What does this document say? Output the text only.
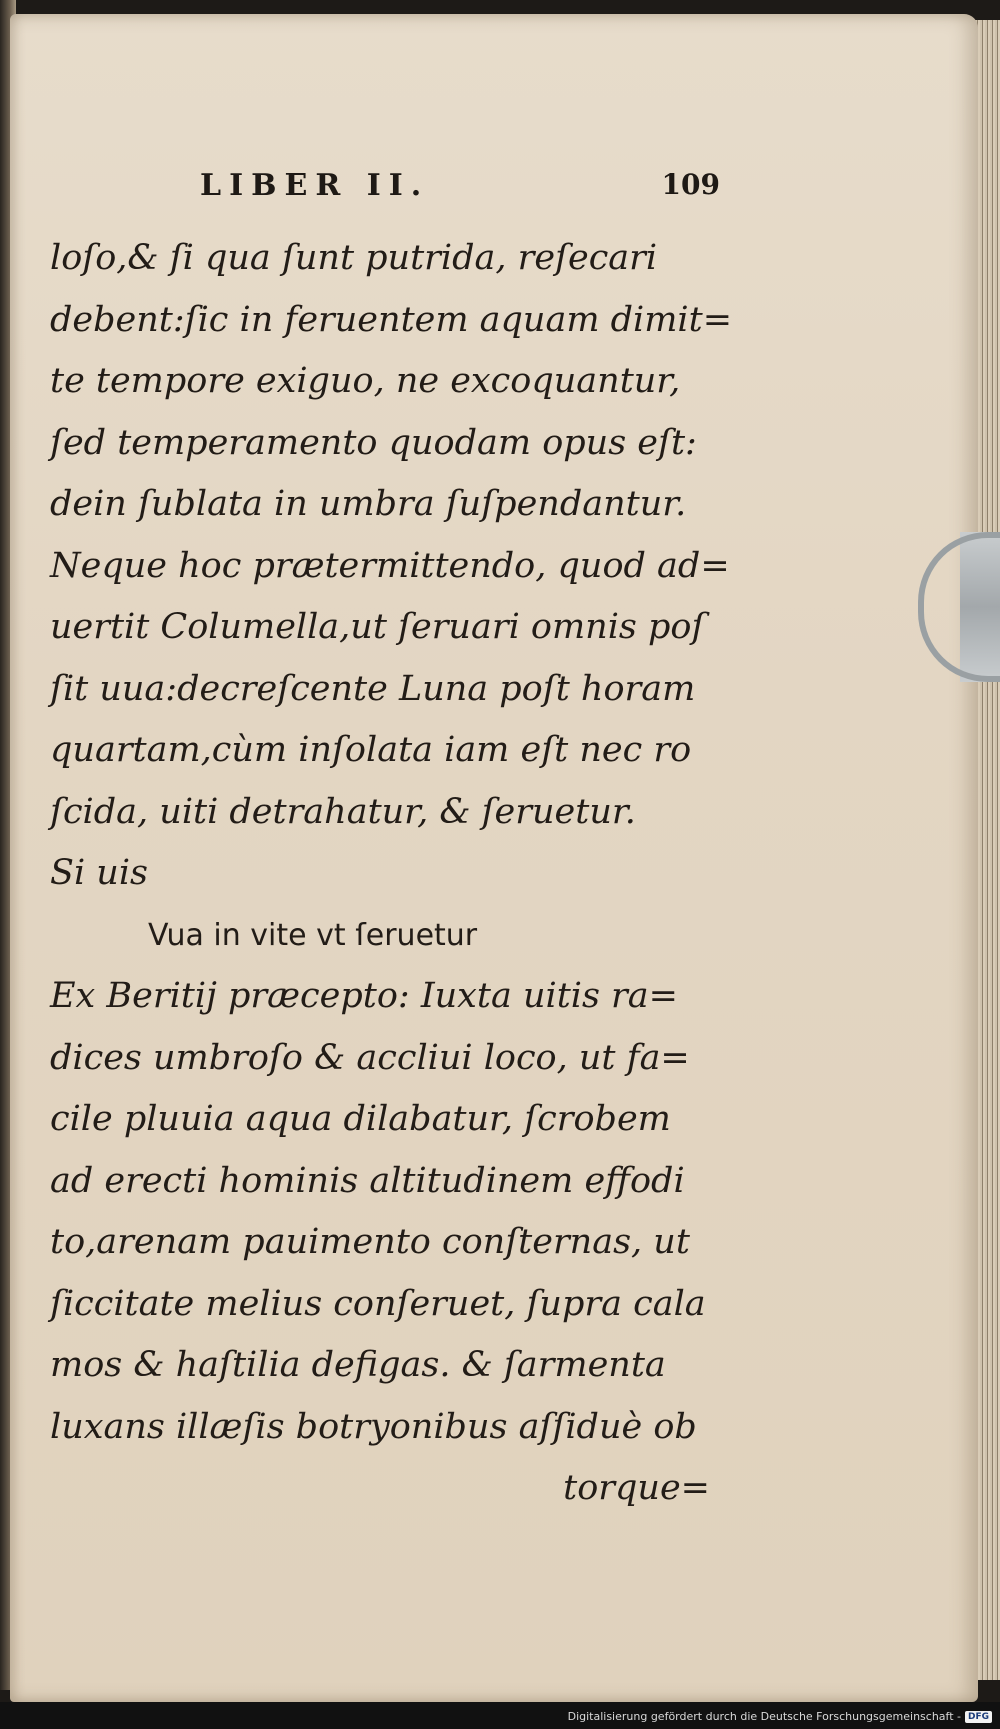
LIBER II.	109
loſo,& ſi qua ſunt putrida, reſecari
debent:ſic in feruentem aquam dimit=
te tempore exiguo, ne excoquantur,
ſed temperamento quodam opus eſt:
dein ſublata in umbra ſuſpendantur.
Neque hoc prætermittendo, quod ad=
uertit Columella,ut ſeruari omnis poſ
ſit uua:decreſcente Luna poſt horam
quartam,cùm inſolata iam eſt nec ro
ſcida, uiti detrahatur, & ſeruetur.
Si uis
Vua in vite vt ſeruetur
Ex Beritij præcepto: Iuxta uitis ra=
dices umbroſo & accliui loco, ut fa=
cile pluuia aqua dilabatur, ſcrobem
ad erecti hominis altitudinem effodi
to,arenam pauimento conſternas, ut
ſiccitate melius conſeruet, ſupra cala
mos & haſtilia defigas. & ſarmenta
luxans illæſis botryonibus aſſiduè ob
torque=
Digitalisierung gefördert durch die Deutsche Forschungsgemeinschaft - DFG
